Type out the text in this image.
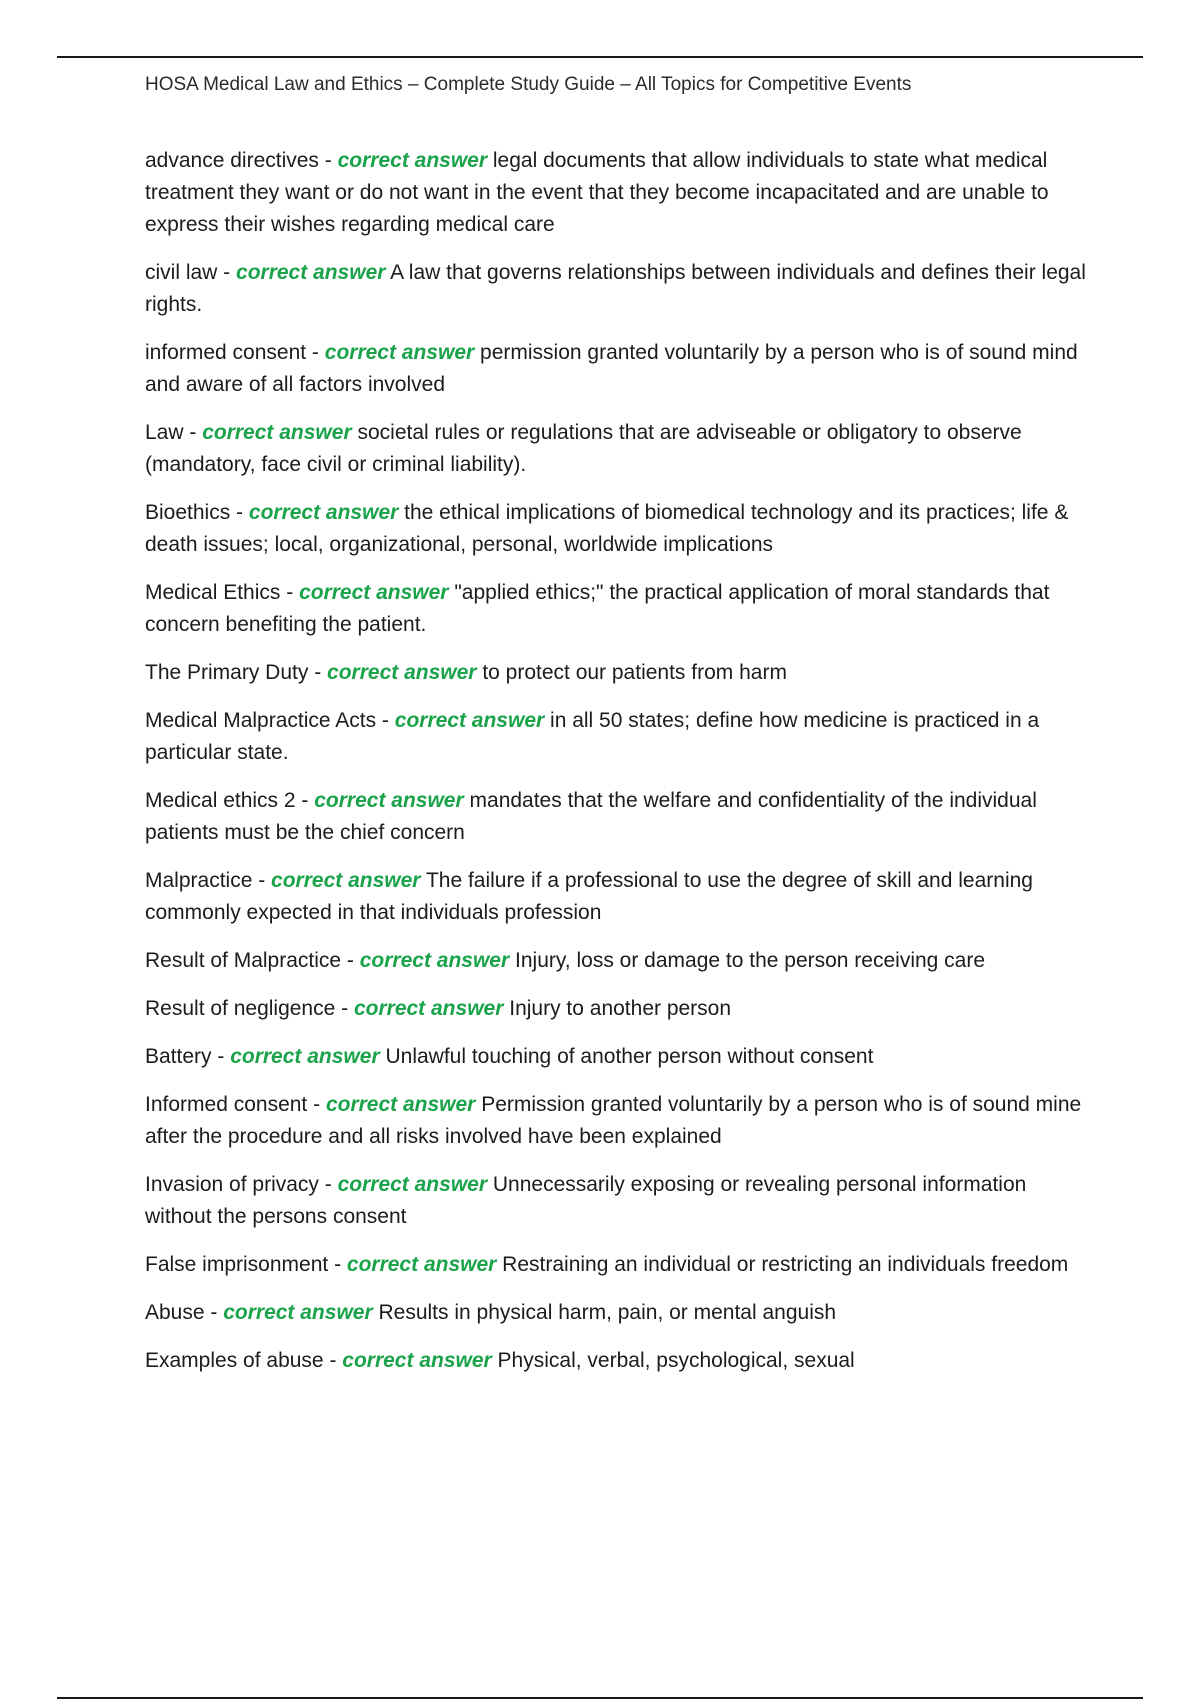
HOSA Medical Law and Ethics – Complete Study Guide – All Topics for Competitive Events

advance directives - correct answer legal documents that allow individuals to state what medical treatment they want or do not want in the event that they become incapacitated and are unable to express their wishes regarding medical care

civil law - correct answer A law that governs relationships between individuals and defines their legal rights.

informed consent - correct answer permission granted voluntarily by a person who is of sound mind and aware of all factors involved

Law - correct answer societal rules or regulations that are adviseable or obligatory to observe (mandatory, face civil or criminal liability).

Bioethics - correct answer the ethical implications of biomedical technology and its practices; life & death issues; local, organizational, personal, worldwide implications

Medical Ethics - correct answer "applied ethics;" the practical application of moral standards that concern benefiting the patient.

The Primary Duty - correct answer to protect our patients from harm

Medical Malpractice Acts - correct answer in all 50 states; define how medicine is practiced in a particular state.

Medical ethics 2 - correct answer mandates that the welfare and confidentiality of the individual patients must be the chief concern

Malpractice - correct answer The failure if a professional to use the degree of skill and learning commonly expected in that individuals profession

Result of Malpractice - correct answer Injury, loss or damage to the person receiving care

Result of negligence - correct answer Injury to another person

Battery - correct answer Unlawful touching of another person without consent

Informed consent - correct answer Permission granted voluntarily by a person who is of sound mine after the procedure and all risks involved have been explained

Invasion of privacy - correct answer Unnecessarily exposing or revealing personal information without the persons consent

False imprisonment - correct answer Restraining an individual or restricting an individuals freedom

Abuse - correct answer Results in physical harm, pain, or mental anguish

Examples of abuse - correct answer Physical, verbal, psychological, sexual
